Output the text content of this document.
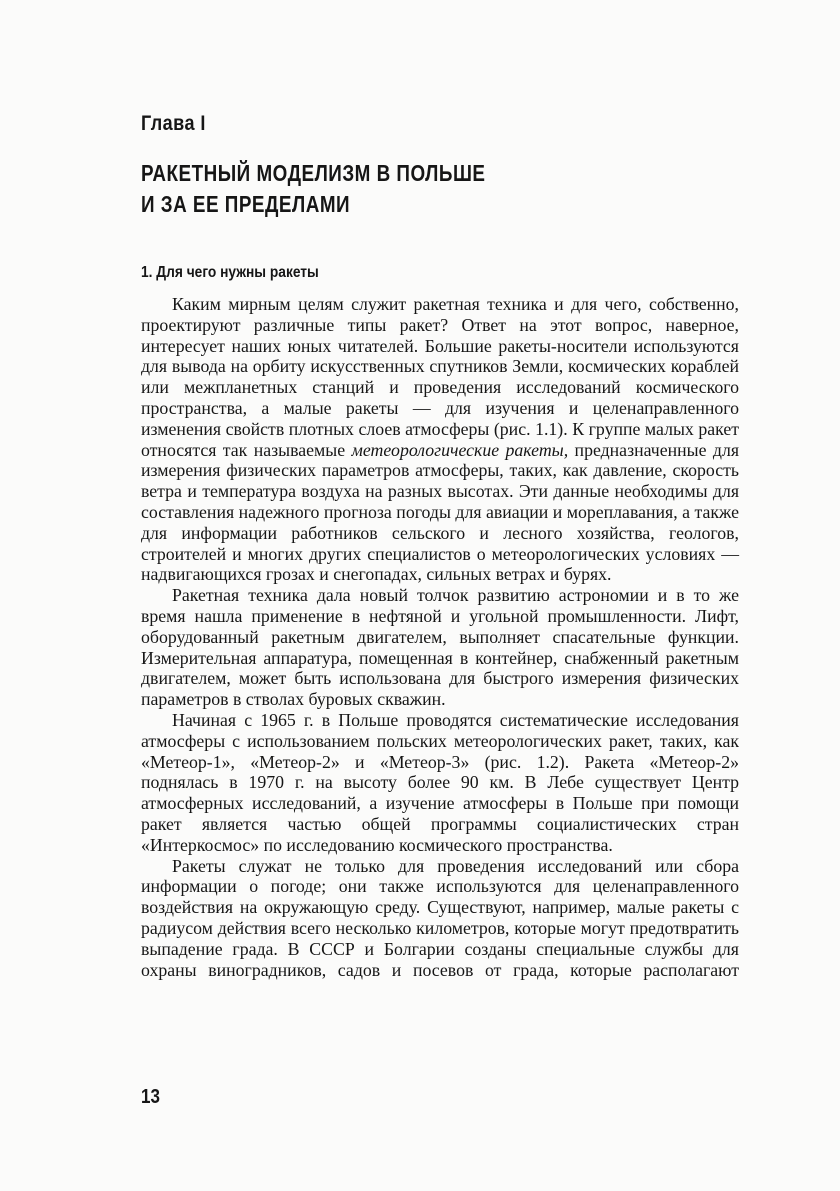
Глава I
РАКЕТНЫЙ МОДЕЛИЗМ В ПОЛЬШЕ
И ЗА ЕЕ ПРЕДЕЛАМИ
1. Для чего нужны ракеты

Каким мирным целям служит ракетная техника и для чего, собственно, проектируют различные типы ракет? Ответ на этот вопрос, наверное, интересует наших юных читателей. Большие ракеты-носители используются для вывода на орбиту искусственных спутников Земли, космических кораблей или межпланетных станций и проведения исследований космического пространства, а малые ракеты — для изучения и целенаправленного изменения свойств плотных слоев атмосферы (рис. 1.1). К группе малых ракет относятся так называемые метеорологические ракеты, предназначенные для измерения физических параметров атмосферы, таких, как давление, скорость ветра и температура воздуха на разных высотах. Эти данные необходимы для составления надежного прогноза погоды для авиации и мореплавания, а также для информации работников сельского и лесного хозяйства, геологов, строителей и многих других специалистов о метеорологических условиях — надвигающихся грозах и снегопадах, сильных ветрах и бурях.

Ракетная техника дала новый толчок развитию астрономии и в то же время нашла применение в нефтяной и угольной промышленности. Лифт, оборудованный ракетным двигателем, выполняет спасательные функции. Измерительная аппаратура, помещенная в контейнер, снабженный ракетным двигателем, может быть использована для быстрого измерения физических параметров в стволах буровых скважин.

Начиная с 1965 г. в Польше проводятся систематические исследования атмосферы с использованием польских метеорологических ракет, таких, как «Метеор-1», «Метеор-2» и «Метеор-3» (рис. 1.2). Ракета «Метеор-2» поднялась в 1970 г. на высоту более 90 км. В Лебе существует Центр атмосферных исследований, а изучение атмосферы в Польше при помощи ракет является частью общей программы социалистических стран «Интеркосмос» по исследованию космического пространства.

Ракеты служат не только для проведения исследований или сбора информации о погоде; они также используются для целенаправленного воздействия на окружающую среду. Существуют, например, малые ракеты с радиусом действия всего несколько километров, которые могут предотвратить выпадение града. В СССР и Болгарии созданы специальные службы для охраны виноградников, садов и посевов от града, которые располагают

13
